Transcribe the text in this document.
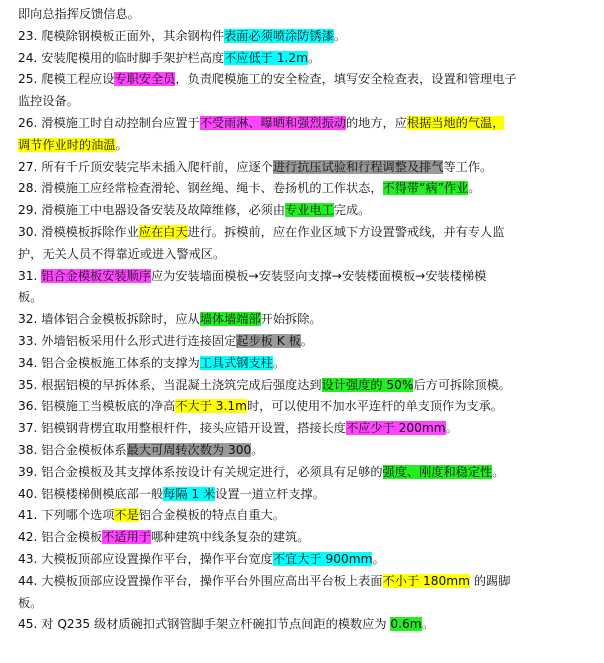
即向总指挥反馈信息。
23. 爬模除钢模板正面外，其余钢构件表面必须喷涂防锈漆。
24. 安装爬模用的临时脚手架护栏高度不应低于 1.2m。
25. 爬模工程应设专职安全员，负责爬模施工的安全检查，填写安全检查表，设置和管理电子
监控设备。
26. 滑模施工时自动控制台应置于不受雨淋、曝晒和强烈振动的地方，应根据当地的气温，
调节作业时的油温。
27. 所有千斤顶安装完毕未插入爬杆前，应逐个进行抗压试验和行程调整及排气等工作。
28. 滑模施工应经常检查滑轮、钢丝绳、绳卡、卷扬机的工作状态，不得带“病”作业。
29. 滑模施工中电器设备安装及故障维修，必须由专业电工完成。
30. 滑模模板拆除作业应在白天进行。拆模前，应在作业区域下方设置警戒线，并有专人监
护，无关人员不得靠近或进入警戒区。
31. 铝合金模板安装顺序应为安装墙面模板→安装竖向支撑→安装楼面模板→安装楼梯模
板。
32. 墙体铝合金模板拆除时，应从墙体墙端部开始拆除。
33. 外墙铝板采用什么形式进行连接固定起步板 K 板。
34. 铝合金模板施工体系的支撑为工具式钢支柱。
35. 根据铝模的早拆体系，当混凝土浇筑完成后强度达到设计强度的 50%后方可拆除顶模。
36. 铝模施工当模板底的净高不大于 3.1m时，可以使用不加水平连杆的单支顶作为支承。
37. 铝模钢背楞宜取用整根杆件，接头应错开设置，搭接长度不应少于 200mm。
38. 铝合金模板体系最大可周转次数为 300。
39. 铝合金模板及其支撑体系按设计有关规定进行，必须具有足够的强度、刚度和稳定性。
40. 铝模楼梯侧模底部一般每隔 1 米设置一道立杆支撑。
41. 下列哪个选项不是铝合金模板的特点自重大。
42. 铝合金模板不适用于哪种建筑中线条复杂的建筑。
43. 大模板顶部应设置操作平台，操作平台宽度不宜大于 900mm。
44. 大模板顶部应设置操作平台，操作平台外围应高出平台板上表面不小于 180mm 的踢脚
板。
45. 对 Q235 级材质碗扣式钢管脚手架立杆碗扣节点间距的模数应为 0.6m。
